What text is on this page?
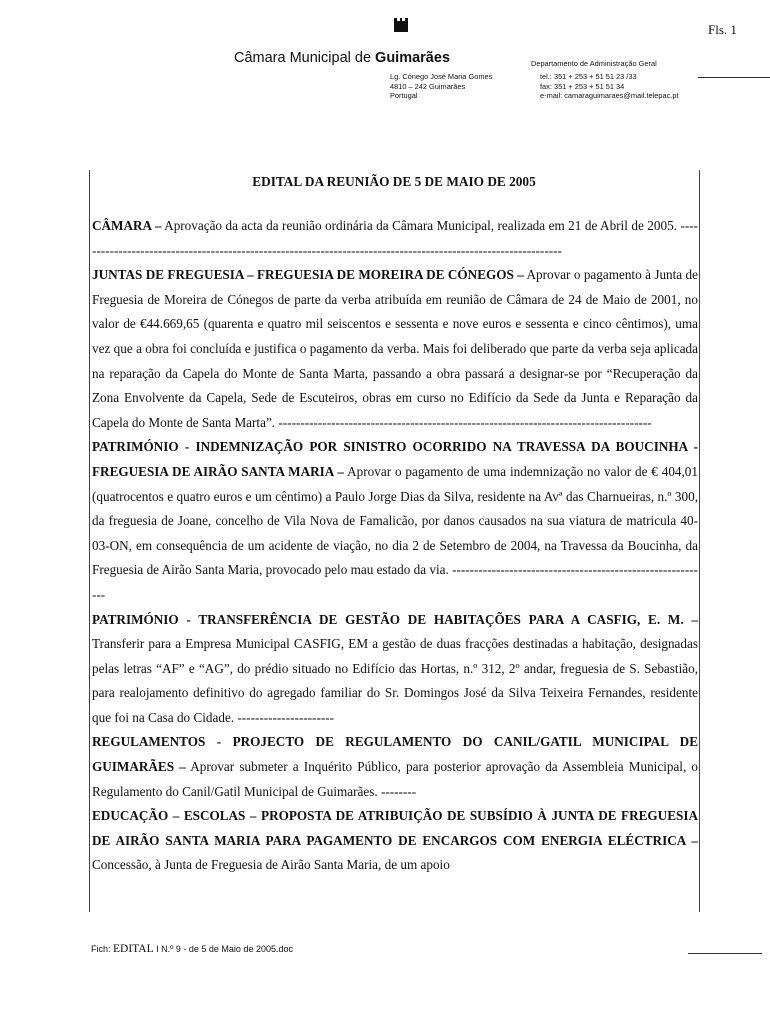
Fls. 1
Câmara Municipal de Guimarães	Departamento de Administração Geral
Lg. Cónego José Maria Gomes
4810 – 242 Guimarães
Portugal
tel.: 351 + 253 + 51 51 23 /33
fax: 351 + 253 + 51 51 34
e-mail: camaraguimaraes@mail.telepac.pt
EDITAL DA REUNIÃO DE 5 DE MAIO DE 2005

CÂMARA – Aprovação da acta da reunião ordinária da Câmara Municipal, realizada em 21 de Abril de 2005. ---------------------------------------------------------------------------------------------------------------

JUNTAS DE FREGUESIA – FREGUESIA DE MOREIRA DE CÓNEGOS – Aprovar o pagamento à Junta de Freguesia de Moreira de Cónegos de parte da verba atribuída em reunião de Câmara de 24 de Maio de 2001, no valor de €44.669,65 (quarenta e quatro mil seiscentos e sessenta e nove euros e sessenta e cinco cêntimos), uma vez que a obra foi concluída e justifica o pagamento da verba. Mais foi deliberado que parte da verba seja aplicada na reparação da Capela do Monte de Santa Marta, passando a obra passará a designar-se por “Recuperação da Zona Envolvente da Capela, Sede de Escuteiros, obras em curso no Edifício da Sede da Junta e Reparação da Capela do Monte de Santa Marta”. -------------------------------------------------------------------------------------

PATRIMÓNIO - INDEMNIZAÇÃO POR SINISTRO OCORRIDO NA TRAVESSA DA BOUCINHA - FREGUESIA DE AIRÃO SANTA MARIA – Aprovar o pagamento de uma indemnização no valor de € 404,01 (quatrocentos e quatro euros e um cêntimo) a Paulo Jorge Dias da Silva, residente na Avª das Charnueiras, n.º 300, da freguesia de Joane, concelho de Vila Nova de Famalicão, por danos causados na sua viatura de matricula 40-03-ON, em consequência de um acidente de viação, no dia 2 de Setembro de 2004, na Travessa da Boucinha, da Freguesia de Airão Santa Maria, provocado pelo mau estado da via. -----------------------------------------------------------

PATRIMÓNIO - TRANSFERÊNCIA DE GESTÃO DE HABITAÇÕES PARA A CASFIG, E. M. – Transferir para a Empresa Municipal CASFIG, EM a gestão de duas fracções destinadas a habitação, designadas pelas letras “AF” e “AG”, do prédio situado no Edifício das Hortas, n.º 312, 2º andar, freguesia de S. Sebastião, para realojamento definitivo do agregado familiar do Sr. Domingos José da Silva Teixeira Fernandes, residente que foi na Casa do Cidade. ----------------------

REGULAMENTOS - PROJECTO DE REGULAMENTO DO CANIL/GATIL MUNICIPAL DE GUIMARÃES – Aprovar submeter a Inquérito Público, para posterior aprovação da Assembleia Municipal, o Regulamento do Canil/Gatil Municipal de Guimarães. --------

EDUCAÇÃO – ESCOLAS – PROPOSTA DE ATRIBUIÇÃO DE SUBSÍDIO À JUNTA DE FREGUESIA DE AIRÃO SANTA MARIA PARA PAGAMENTO DE ENCARGOS COM ENERGIA ELÉCTRICA – Concessão, à Junta de Freguesia de Airão Santa Maria, de um apoio

Fich: EDITAL I N.º 9 - de 5 de Maio de 2005.doc
